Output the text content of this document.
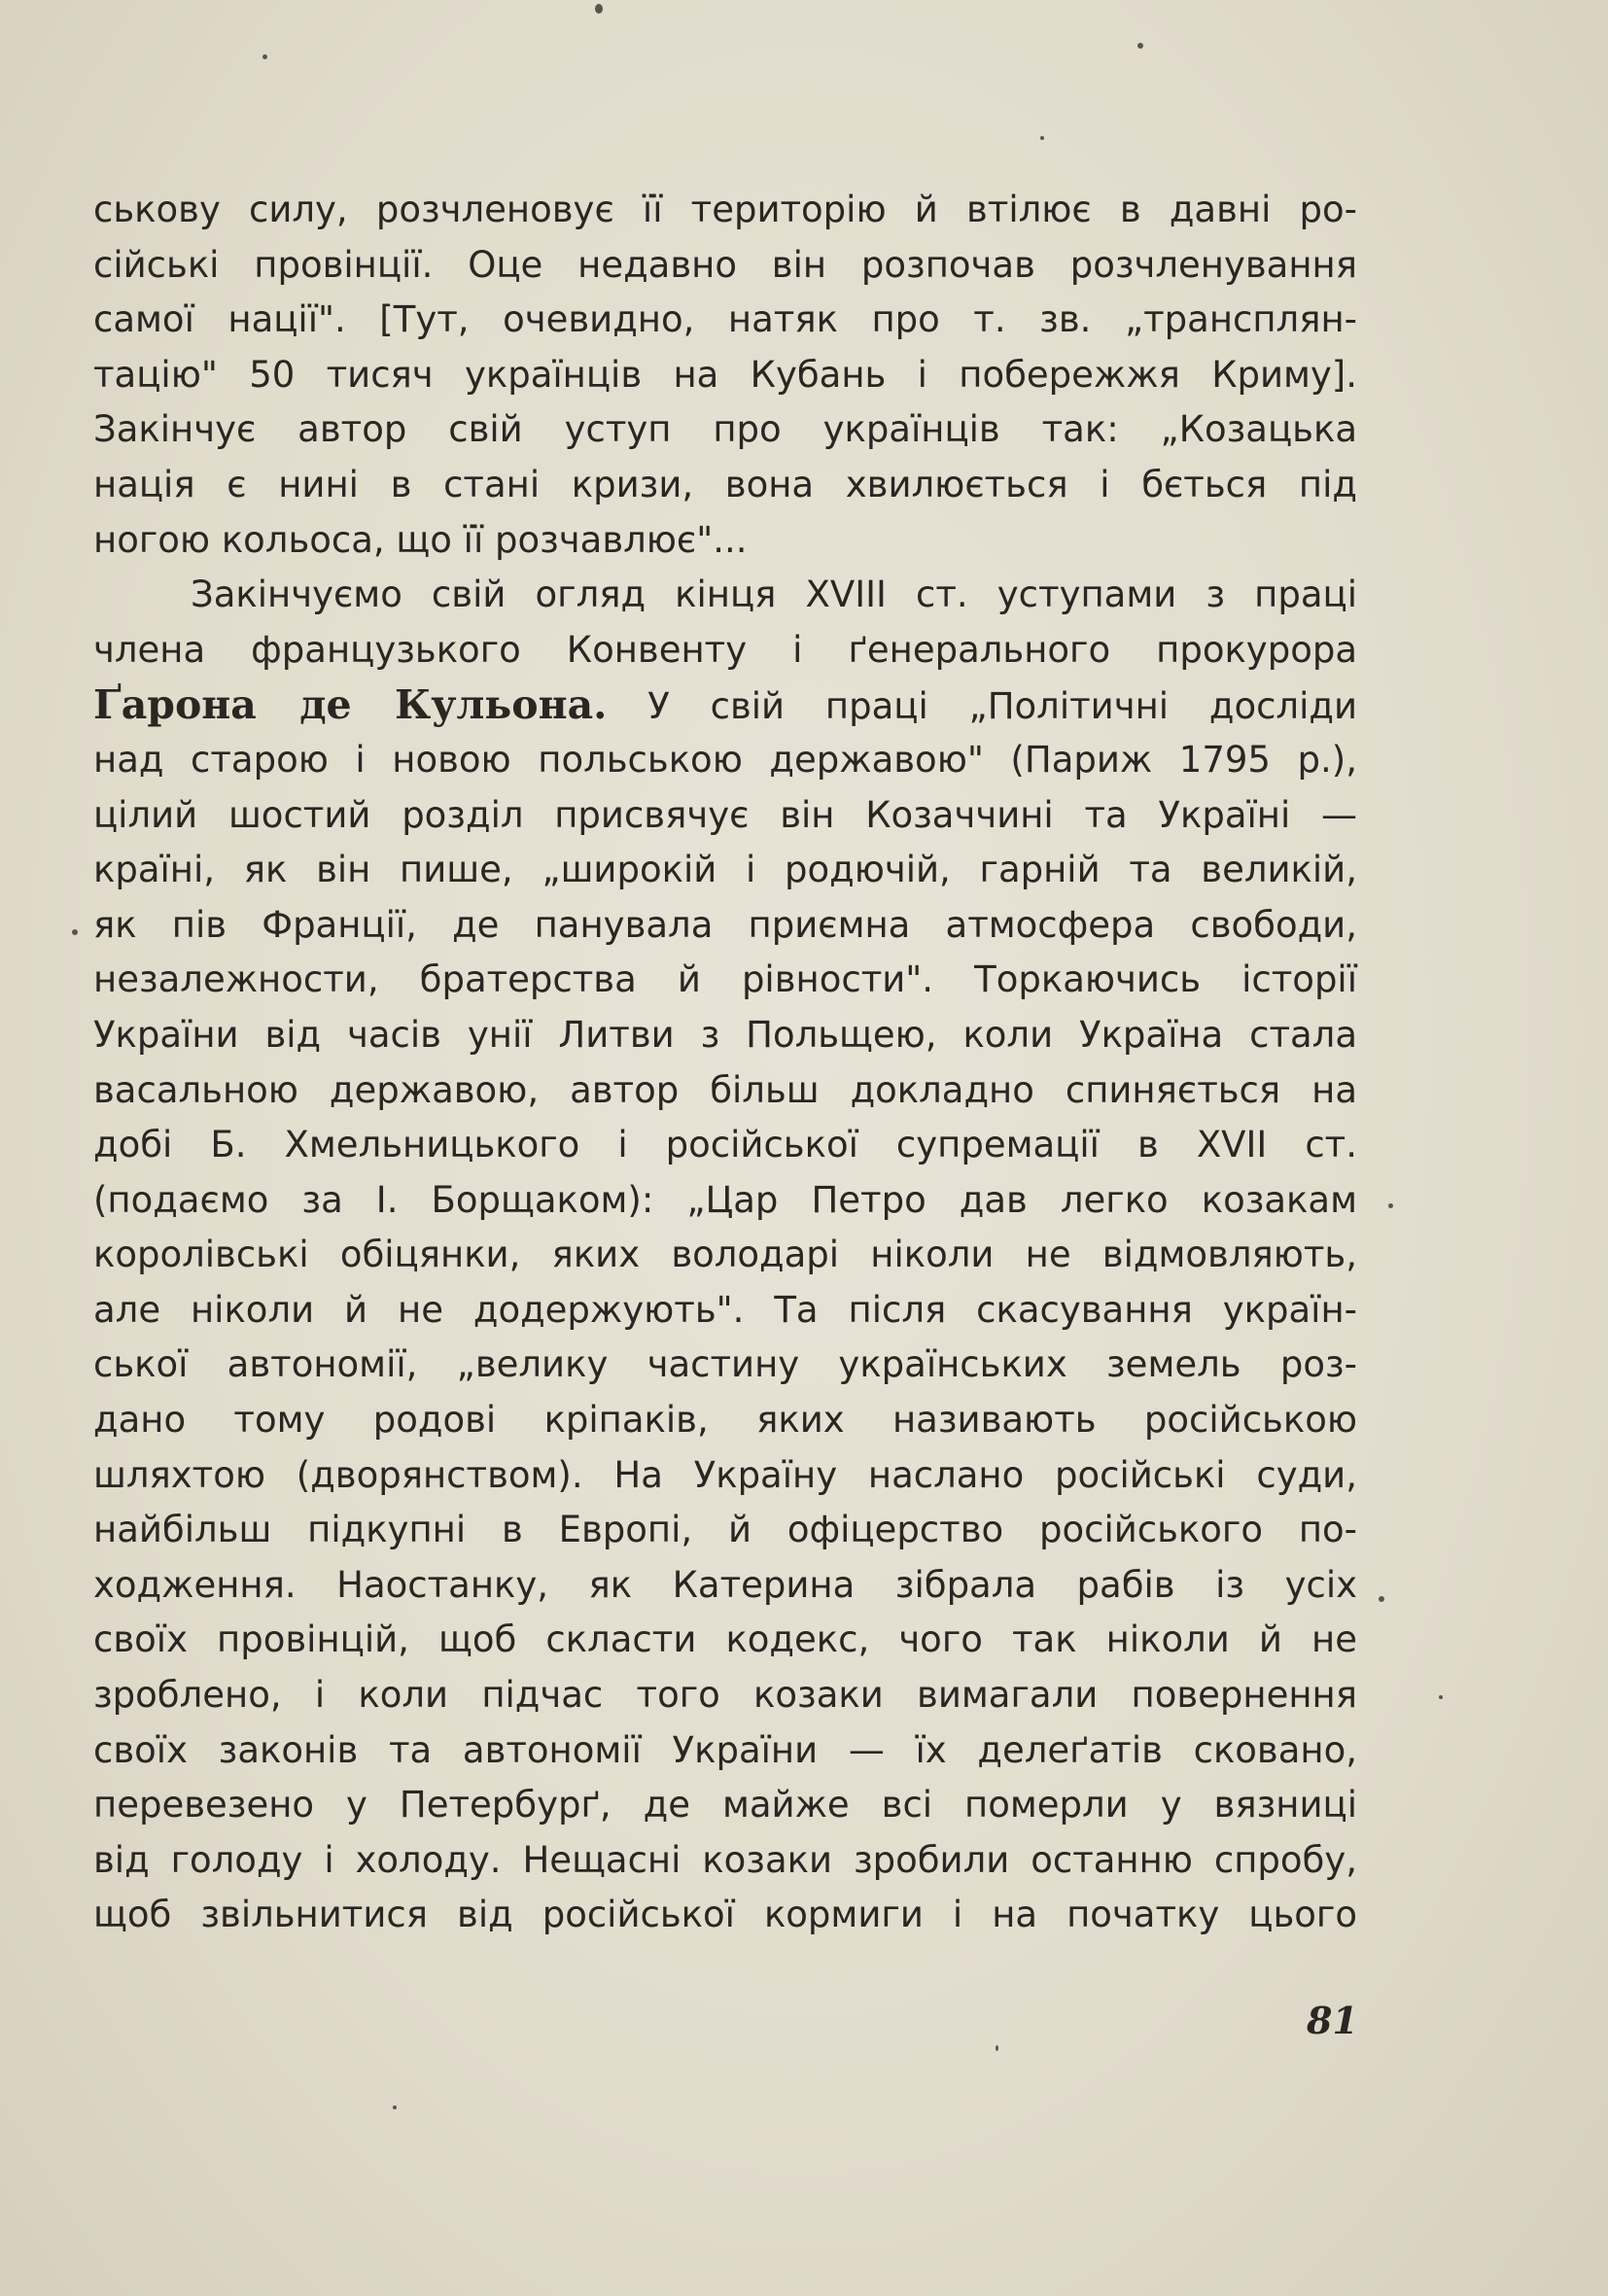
ськову силу, розчленовує її територію й втілює в давні ро-
сійські провінції. Оце недавно він розпочав розчленування
самої нації". [Тут, очевидно, натяк про т. зв. „трансплян-
тацію" 50 тисяч українців на Кубань і побережжя Криму].
Закінчує автор свій уступ про українців так: „Козацька
нація є нині в стані кризи, вона хвилюється і бється під
ногою кольоса, що її розчавлює"...
Закінчуємо свій огляд кінця XVIII ст. уступами з праці
члена французького Конвенту і ґенерального прокурора
Ґарона де Кульона. У свій праці „Політичні досліди
над старою і новою польською державою" (Париж 1795 р.),
цілий шостий розділ присвячує він Козаччині та Україні —
країні, як він пише, „широкій і родючій, гарній та великій,
як пів Франції, де панувала приємна атмосфера свободи,
незалежности, братерства й рівности". Торкаючись історії
України від часів унії Литви з Польщею, коли Україна стала
васальною державою, автор більш докладно спиняється на
добі Б. Хмельницького і російської супремації в XVII ст.
(подаємо за І. Борщаком): „Цар Петро дав легко козакам
королівські обіцянки, яких володарі ніколи не відмовляють,
але ніколи й не додержують". Та після скасування україн-
ської автономії, „велику частину українських земель роз-
дано тому родові кріпаків, яких називають російською
шляхтою (дворянством). На Україну наслано російські суди,
найбільш підкупні в Европі, й офіцерство російського по-
ходження. Наостанку, як Катерина зібрала рабів із усіх
своїх провінцій, щоб скласти кодекс, чого так ніколи й не
зроблено, і коли підчас того козаки вимагали повернення
своїх законів та автономії України — їх делеґатів сковано,
перевезено у Петербурґ, де майже всі померли у вязниці
від голоду і холоду. Нещасні козаки зробили останню спробу,
щоб звільнитися від російської кормиги і на початку цього
81
